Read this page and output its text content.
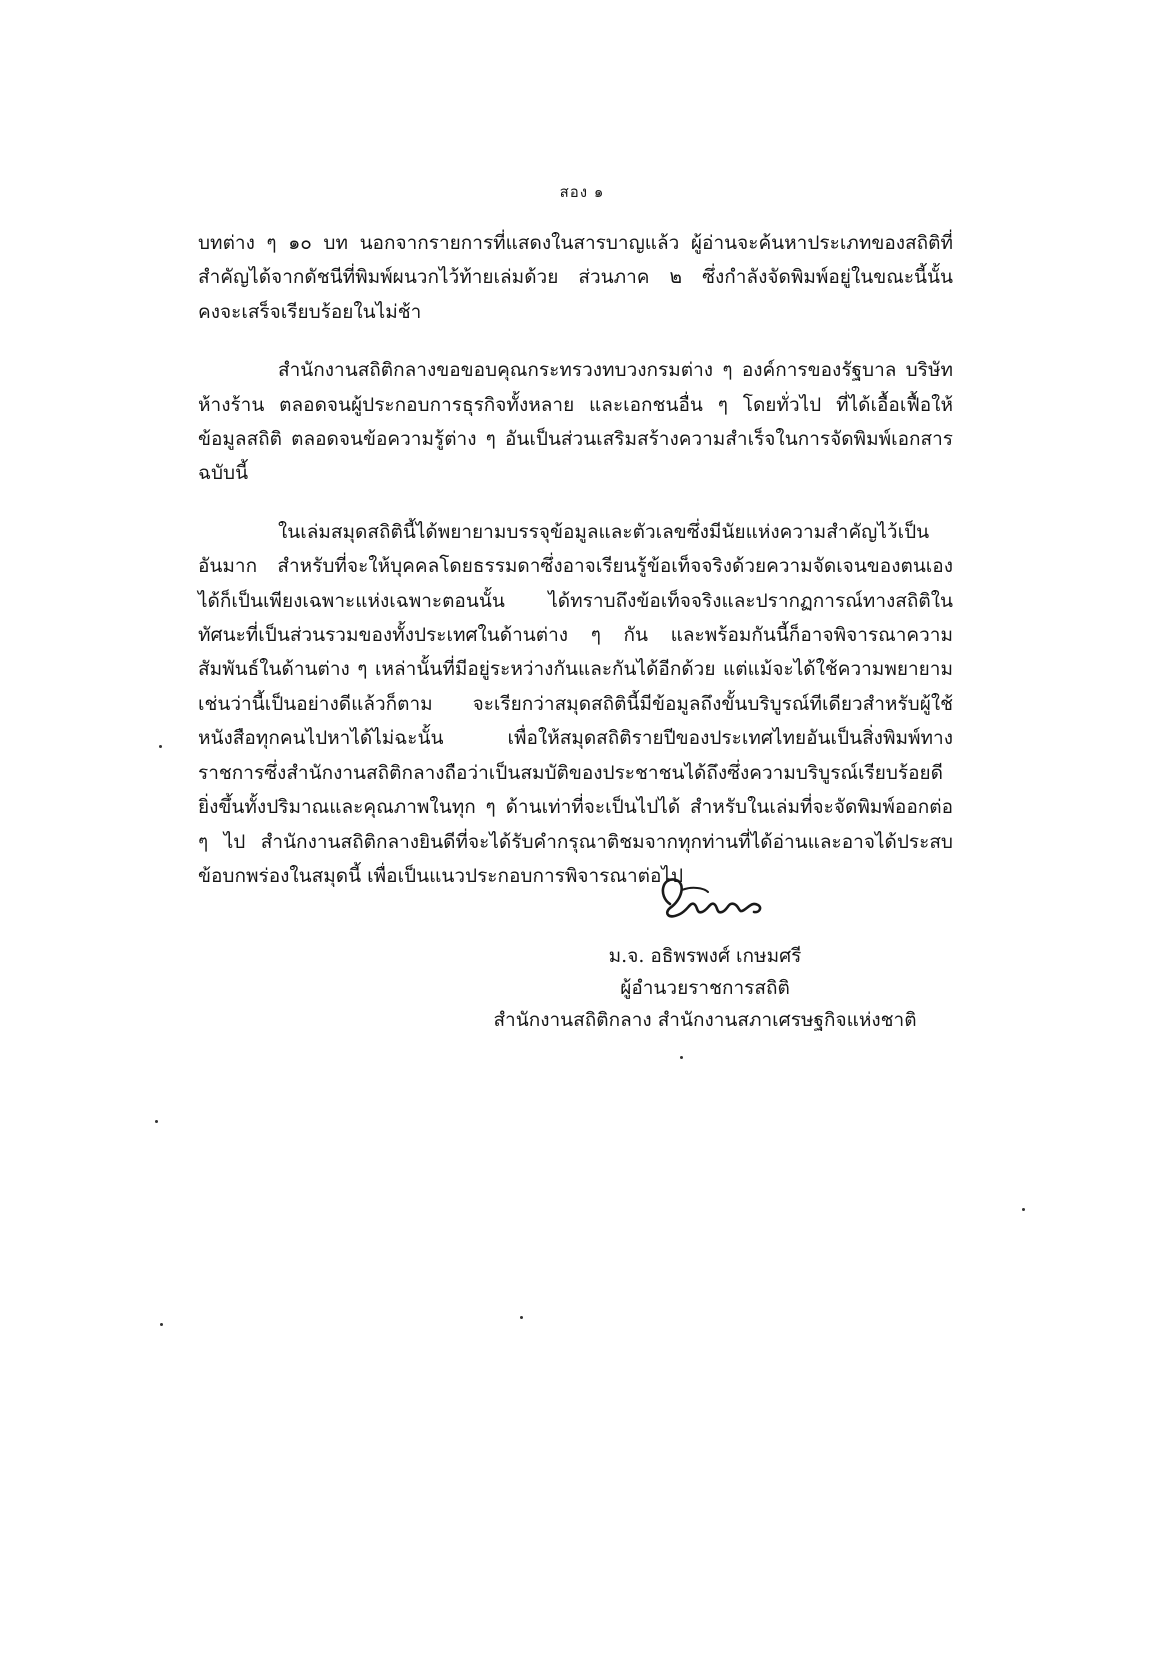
สอง ๑

บทต่าง ๆ ๑๐ บท นอกจากรายการที่แสดงในสารบาญแล้ว ผู้อ่านจะค้นหาประเภทของสถิติที่สำคัญได้จากดัชนีที่พิมพ์ผนวกไว้ท้ายเล่มด้วย ส่วนภาค ๒ ซึ่งกำลังจัดพิมพ์อยู่ในขณะนี้นั้น คงจะเสร็จเรียบร้อยในไม่ช้า

สำนักงานสถิติกลางขอขอบคุณกระทรวงทบวงกรมต่าง ๆ องค์การของรัฐบาล บริษัทห้างร้าน ตลอดจนผู้ประกอบการธุรกิจทั้งหลาย และเอกชนอื่น ๆ โดยทั่วไป ที่ได้เอื้อเฟื้อให้ข้อมูลสถิติ ตลอดจนข้อความรู้ต่าง ๆ อันเป็นส่วนเสริมสร้างความสำเร็จในการจัดพิมพ์เอกสารฉบับนี้

ในเล่มสมุดสถิตินี้ได้พยายามบรรจุข้อมูลและตัวเลขซึ่งมีนัยแห่งความสำคัญไว้เป็นอันมาก สำหรับที่จะให้บุคคลโดยธรรมดาซึ่งอาจเรียนรู้ข้อเท็จจริงด้วยความจัดเจนของตนเองได้ก็เป็นเพียงเฉพาะแห่งเฉพาะตอนนั้น ได้ทราบถึงข้อเท็จจริงและปรากฏการณ์ทางสถิติในทัศนะที่เป็นส่วนรวมของทั้งประเทศในด้านต่าง ๆ กัน และพร้อมกันนี้ก็อาจพิจารณาความสัมพันธ์ในด้านต่าง ๆ เหล่านั้นที่มีอยู่ระหว่างกันและกันได้อีกด้วย แต่แม้จะได้ใช้ความพยายามเช่นว่านี้เป็นอย่างดีแล้วก็ตาม จะเรียกว่าสมุดสถิตินี้มีข้อมูลถึงขั้นบริบูรณ์ทีเดียวสำหรับผู้ใช้หนังสือทุกคนไปหาได้ไม่ฉะนั้น เพื่อให้สมุดสถิติรายปีของประเทศไทยอันเป็นสิ่งพิมพ์ทางราชการซึ่งสำนักงานสถิติกลางถือว่าเป็นสมบัติของประชาชนได้ถึงซึ่งความบริบูรณ์เรียบร้อยดียิ่งขึ้นทั้งปริมาณและคุณภาพในทุก ๆ ด้านเท่าที่จะเป็นไปได้ สำหรับในเล่มที่จะจัดพิมพ์ออกต่อ ๆ ไป สำนักงานสถิติกลางยินดีที่จะได้รับคำกรุณาติชมจากทุกท่านที่ได้อ่านและอาจได้ประสบข้อบกพร่องในสมุดนี้ เพื่อเป็นแนวประกอบการพิจารณาต่อไป

ม.จ. อธิพรพงศ์ เกษมศรี
ผู้อำนวยราชการสถิติ
สำนักงานสถิติกลาง สำนักงานสภาเศรษฐกิจแห่งชาติ
